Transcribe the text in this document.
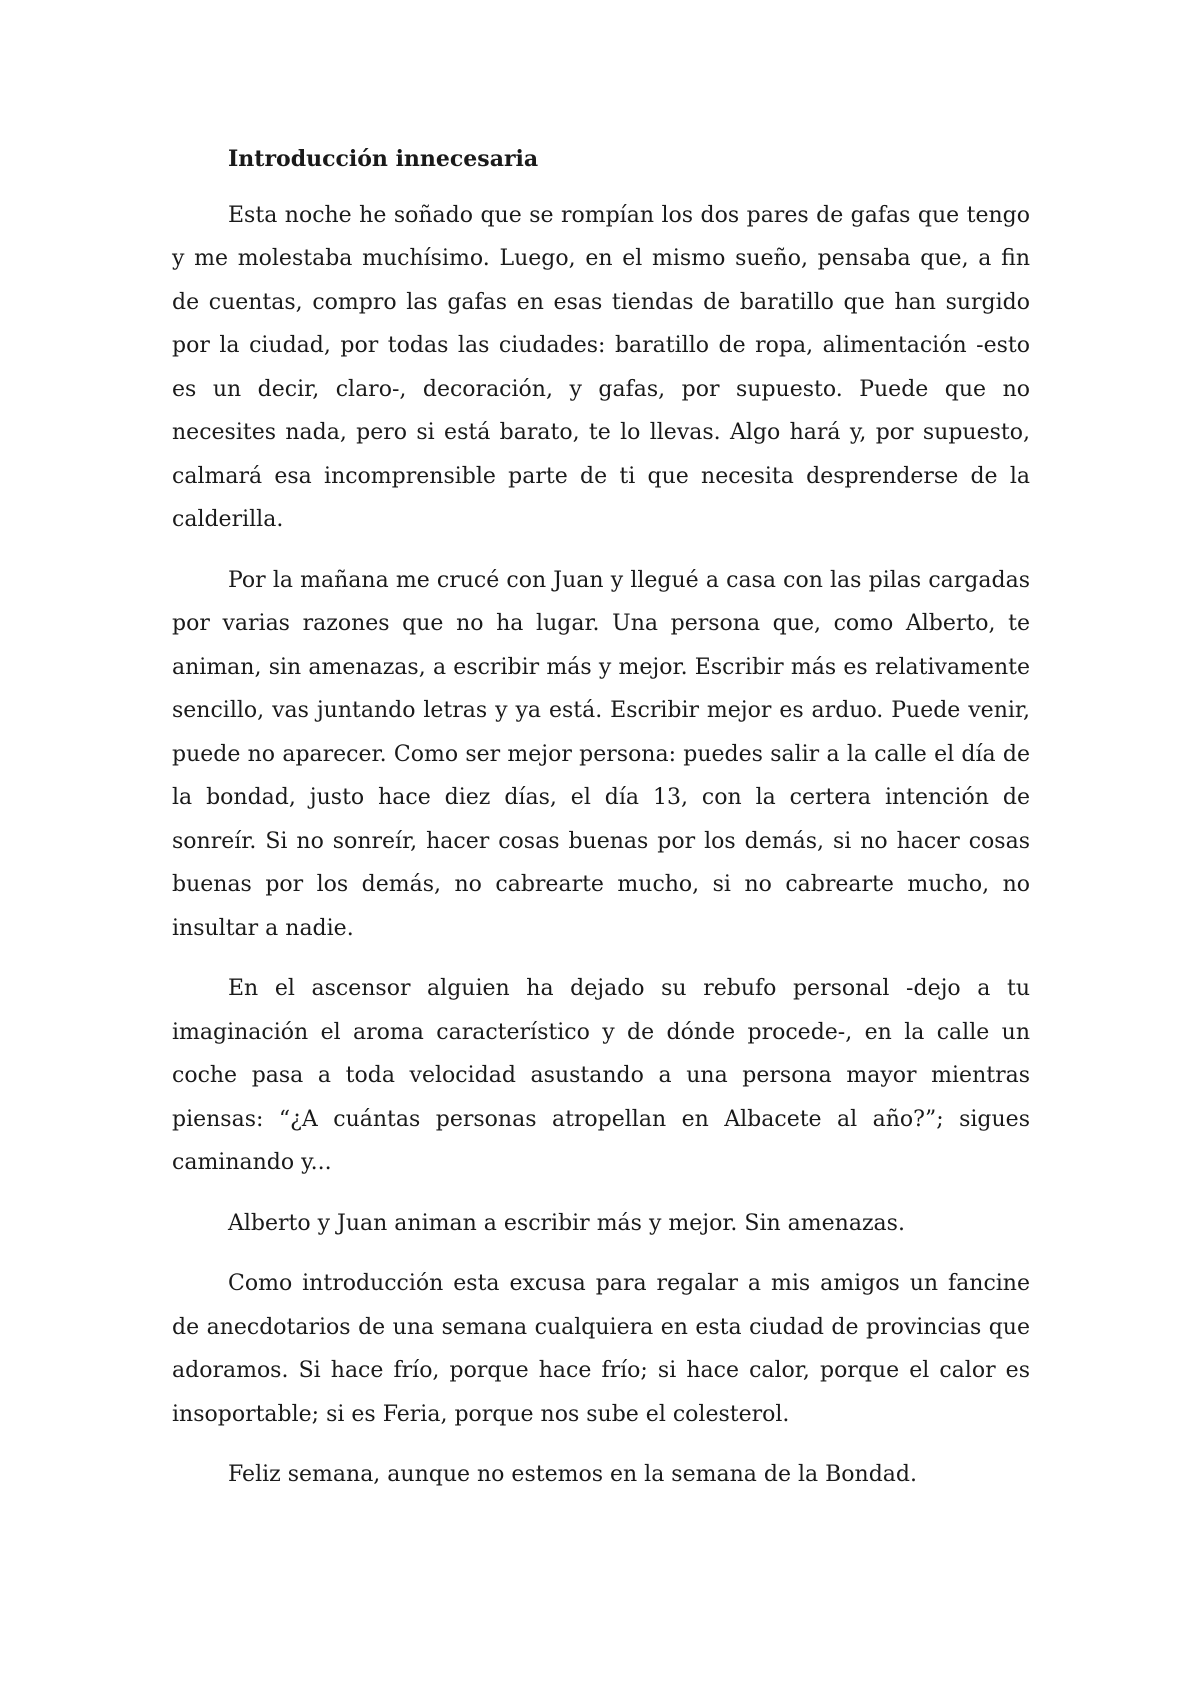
Introducción innecesaria

Esta noche he soñado que se rompían los dos pares de gafas que tengo y me molestaba muchísimo. Luego, en el mismo sueño, pensaba que, a fin de cuentas, compro las gafas en esas tiendas de baratillo que han surgido por la ciudad, por todas las ciudades: baratillo de ropa, alimentación -esto es un decir, claro-, decoración, y gafas, por supuesto. Puede que no necesites nada, pero si está barato, te lo llevas. Algo hará y, por supuesto, calmará esa incomprensible parte de ti que necesita desprenderse de la calderilla.

Por la mañana me crucé con Juan y llegué a casa con las pilas cargadas por varias razones que no ha lugar. Una persona que, como Alberto, te animan, sin amenazas, a escribir más y mejor. Escribir más es relativamente sencillo, vas juntando letras y ya está. Escribir mejor es arduo. Puede venir, puede no aparecer. Como ser mejor persona: puedes salir a la calle el día de la bondad, justo hace diez días, el día 13, con la certera intención de sonreír. Si no sonreír, hacer cosas buenas por los demás, si no hacer cosas buenas por los demás, no cabrearte mucho, si no cabrearte mucho, no insultar a nadie.

En el ascensor alguien ha dejado su rebufo personal -dejo a tu imaginación el aroma característico y de dónde procede-, en la calle un coche pasa a toda velocidad asustando a una persona mayor mientras piensas: “¿A cuántas personas atropellan en Albacete al año?”; sigues caminando y...

Alberto y Juan animan a escribir más y mejor. Sin amenazas.

Como introducción esta excusa para regalar a mis amigos un fancine de anecdotarios de una semana cualquiera en esta ciudad de provincias que adoramos. Si hace frío, porque hace frío; si hace calor, porque el calor es insoportable; si es Feria, porque nos sube el colesterol.

Feliz semana, aunque no estemos en la semana de la Bondad.
